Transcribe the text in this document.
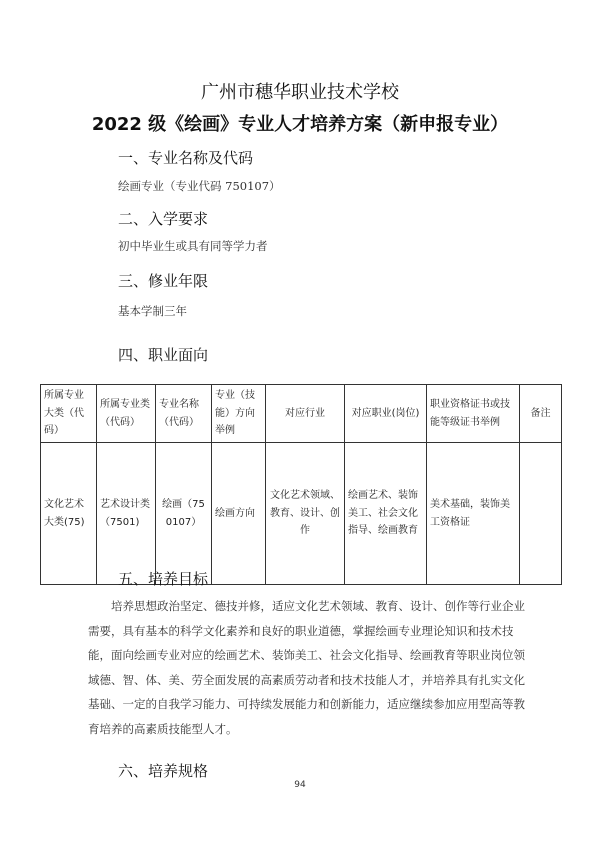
广州市穗华职业技术学校
2022 级《绘画》专业人才培养方案（新申报专业）
一、专业名称及代码
绘画专业（专业代码 750107）
二、入学要求
初中毕业生或具有同等学力者
三、修业年限
基本学制三年
四、职业面向
所属专业大类（代码）	所属专业类（代码）	专业名称（代码）	专业（技能）方向举例	对应行业	对应职业(岗位)	职业资格证书或技能等级证书举例	备注
文化艺术大类(75)	艺术设计类（7501)	绘画（750107）	绘画方向	文化艺术领域、教育、设计、创作	绘画艺术、装饰美工、社会文化指导、绘画教育	美术基础，装饰美工资格证	
五、培养目标
培养思想政治坚定、德技并修，适应文化艺术领域、教育、设计、创作等行业企业需要，具有基本的科学文化素养和良好的职业道德，掌握绘画专业理论知识和技术技能，面向绘画专业对应的绘画艺术、装饰美工、社会文化指导、绘画教育等职业岗位领域德、智、体、美、劳全面发展的高素质劳动者和技术技能人才，并培养具有扎实文化基础、一定的自我学习能力、可持续发展能力和创新能力，适应继续参加应用型高等教育培养的高素质技能型人才。
六、培养规格
94
